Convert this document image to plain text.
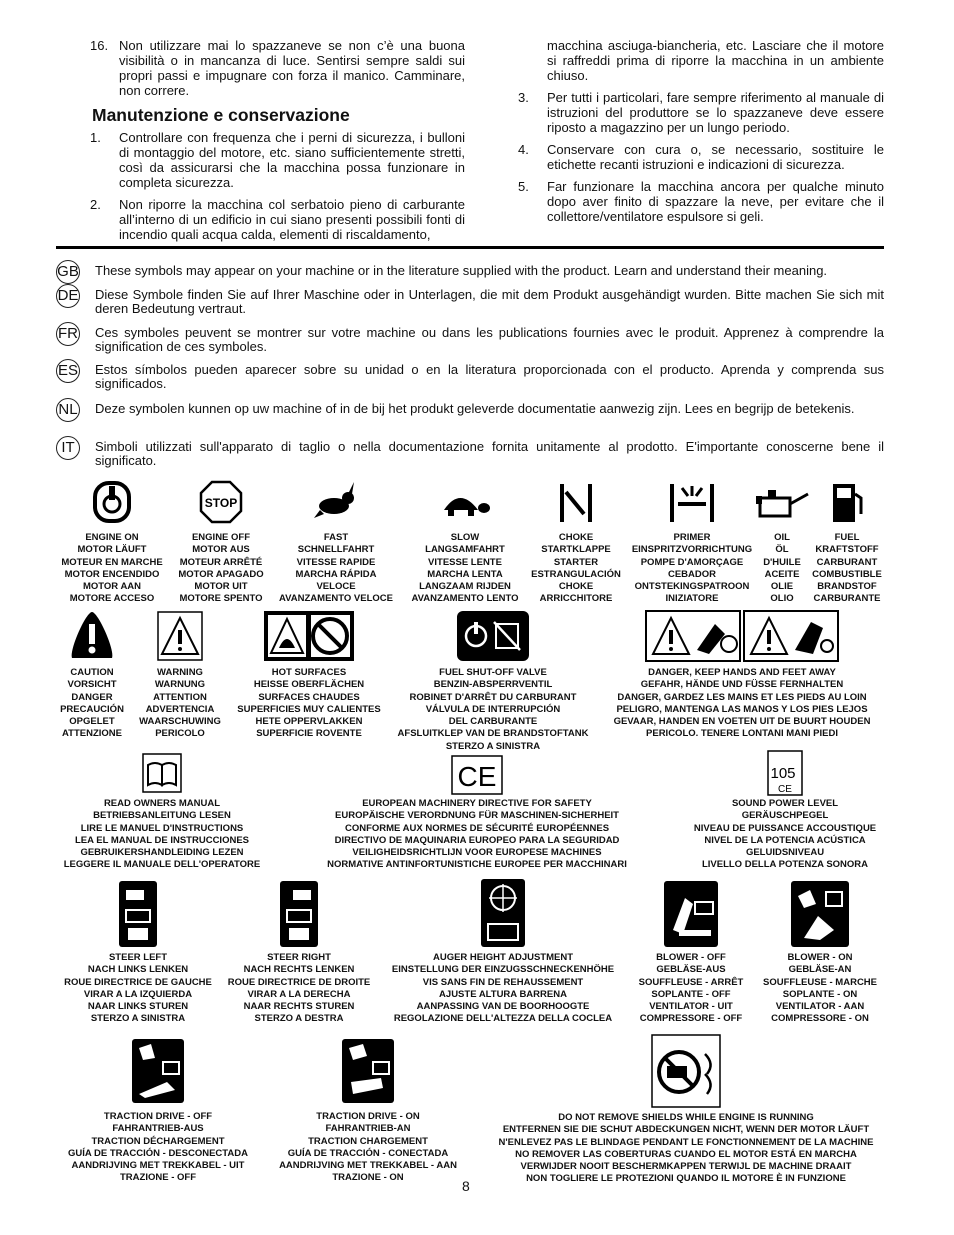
16. Non utilizzare mai lo spazzaneve se non c’è una buona visibilità o in mancanza di luce. Sentirsi sempre saldi sui propri passi e impugnare con forza il manico. Camminare, non correre.
Manutenzione e conservazione
1.	Controllare con frequenza che i perni di sicurezza, i bulloni di montaggio del motore, etc. siano sufficientemente stretti, così da assicurarsi che la macchina possa funzionare in completa sicurezza.
2.	Non riporre la macchina col serbatoio pieno di carburante all’interno di un edificio in cui siano presenti possibili fonti di incendio quali acqua calda, elementi di riscaldamento,
macchina asciuga-biancheria, etc. Lasciare che il motore si raffreddi prima di riporre la macchina in un ambiente chiuso.
3.	Per tutti i particolari, fare sempre riferimento al manuale di istruzioni del produttore se lo spazzaneve deve essere riposto a magazzino per un lungo periodo.
4.	Conservare con cura o, se necessario, sostituire le etichette recanti istruzioni e indicazioni di sicurezza.
5.	Far funzionare la macchina ancora per qualche minuto dopo aver finito di spazzare la neve, per evitare che il collettore/ventilatore espulsore si geli.
GB These symbols may appear on your machine or in the literature supplied with the product. Learn and understand their meaning.
DE Diese Symbole finden Sie auf Ihrer Maschine oder in Unterlagen, die mit dem Produkt ausgehändigt wurden. Bitte machen Sie sich mit deren Bedeutung vertraut.
FR Ces symboles peuvent se montrer sur votre machine ou dans les publications fournies avec le produit. Apprenez à comprendre la signification de ces symboles.
ES Estos símbolos pueden aparecer sobre su unidad o en la literatura proporcionada con el producto. Aprenda y comprenda sus significados.
NL Deze symbolen kunnen op uw machine of in de bij het produkt geleverde documentatie aanwezig zijn. Lees en begrijp de betekenis.
IT	Simboli utilizzati sull'apparato di taglio o nella documentazione fornita unitamente al prodotto. E'importante conoscerne bene il significato.
ENGINE ON
MOTOR LÄUFT
MOTEUR EN MARCHE
MOTOR ENCENDIDO
MOTOR AAN
MOTORE ACCESO
STOP
ENGINE OFF
MOTOR AUS
MOTEUR ARRÊTÉ
MOTOR APAGADO
MOTOR UIT
MOTORE SPENTO
FAST
SCHNELLFAHRT
VITESSE RAPIDE
MARCHA RÁPIDA
VELOCE
AVANZAMENTO VELOCE
SLOW
LANGSAMFAHRT
VITESSE LENTE
MARCHA LENTA
LANGZAAM RIJDEN
AVANZAMENTO LENTO
CHOKE
STARTKLAPPE
STARTER
ESTRANGULACIÓN
CHOKE
ARRICCHITORE
PRIMER
EINSPRITZVORRICHTUNG
POMPE D'AMORÇAGE
CEBADOR
ONTSTEKINGSPATROON
INIZIATORE
OIL
ÖL
D'HUILE
ACEITE
OLIE
OLIO
FUEL
KRAFTSTOFF
CARBURANT
COMBUSTIBLE
BRANDSTOF
CARBURANTE
CAUTION
VORSICHT
DANGER
PRECAUCIÓN
OPGELET
ATTENZIONE
WARNING
WARNUNG
ATTENTION
ADVERTENCIA
WAARSCHUWING
PERICOLO
HOT SURFACES
HEISSE OBERFLÄCHEN
SURFACES CHAUDES
SUPERFICIES MUY CALIENTES
HETE OPPERVLAKKEN
SUPERFICIE ROVENTE
FUEL SHUT-OFF VALVE
BENZIN-ABSPERRVENTIL
ROBINET D'ARRÊT DU CARBURANT
VÁLVULA DE INTERRUPCIÓN
DEL CARBURANTE
AFSLUITKLEP VAN DE BRANDSTOFTANK
STERZO A SINISTRA
DANGER, KEEP HANDS AND FEET AWAY
GEFAHR, HÄNDE UND FÜSSE FERNHALTEN
DANGER, GARDEZ LES MAINS ET LES PIEDS AU LOIN
PELIGRO, MANTENGA LAS MANOS Y LOS PIES LEJOS
GEVAAR, HANDEN EN VOETEN UIT DE BUURT HOUDEN
PERICOLO. TENERE LONTANI MANI PIEDI
READ OWNERS MANUAL
BETRIEBSANLEITUNG LESEN
LIRE LE MANUEL D'INSTRUCTIONS
LEA EL MANUAL DE INSTRUCCIONES
GEBRUIKERSHANDLEIDING LEZEN
LEGGERE IL MANUALE DELL'OPERATORE
CE
EUROPEAN MACHINERY DIRECTIVE FOR SAFETY
EUROPÄISCHE VERORDNUNG FÜR MASCHINEN-SICHERHEIT
CONFORME AUX NORMES DE SÉCURITÉ EUROPÉENNES
DIRECTIVO DE MAQUINARIA EUROPEO PARA LA SEGURIDAD
VEILIGHEIDSRICHTLIJN VOOR EUROPESE MACHINES
NORMATIVE ANTINFORTUNISTICHE EUROPEE PER MACCHINARI
105
CE
SOUND POWER LEVEL
GERÄUSCHPEGEL
NIVEAU DE PUISSANCE ACCOUSTIQUE
NIVEL DE LA POTENCIA ACÚSTICA
GELUIDSNIVEAU
LIVELLO DELLA POTENZA SONORA
STEER LEFT
NACH LINKS LENKEN
ROUE DIRECTRICE DE GAUCHE
VIRAR A LA IZQUIERDA
NAAR LINKS STUREN
STERZO A SINISTRA
STEER RIGHT
NACH RECHTS LENKEN
ROUE DIRECTRICE DE DROITE
VIRAR A LA DERECHA
NAAR RECHTS STUREN
STERZO A DESTRA
AUGER HEIGHT ADJUSTMENT
EINSTELLUNG DER EINZUGSSCHNECKENHÖHE
VIS SANS FIN DE REHAUSSEMENT
AJUSTE ALTURA BARRENA
AANPASSING VAN DE BOORHOOGTE
REGOLAZIONE DELL'ALTEZZA DELLA COCLEA
BLOWER - OFF
GEBLÄSE-AUS
SOUFFLEUSE - ARRÊT
SOPLANTE - OFF
VENTILATOR - UIT
COMPRESSORE - OFF
BLOWER - ON
GEBLÄSE-AN
SOUFFLEUSE - MARCHE
SOPLANTE - ON
VENTILATOR - AAN
COMPRESSORE - ON
TRACTION DRIVE - OFF
FAHRANTRIEB-AUS
TRACTION DÉCHARGEMENT
GUÍA DE TRACCIÓN - DESCONECTADA
AANDRIJVING MET TREKKABEL - UIT
TRAZIONE - OFF
TRACTION DRIVE - ON
FAHRANTRIEB-AN
TRACTION CHARGEMENT
GUÍA DE TRACCIÓN - CONECTADA
AANDRIJVING MET TREKKABEL - AAN
TRAZIONE - ON
DO NOT REMOVE SHIELDS WHILE ENGINE IS RUNNING
ENTFERNEN SIE DIE SCHUT ABDECKUNGEN NICHT, WENN DER MOTOR LÄUFT
N'ENLEVEZ PAS LE BLINDAGE PENDANT LE FONCTIONNEMENT DE LA MACHINE
NO REMOVER LAS COBERTURAS CUANDO EL MOTOR ESTÁ EN MARCHA
VERWIJDER NOOIT BESCHERMKAPPEN TERWIJL DE MACHINE DRAAIT
NON TOGLIERE LE PROTEZIONI QUANDO IL MOTORE È IN FUNZIONE
8
